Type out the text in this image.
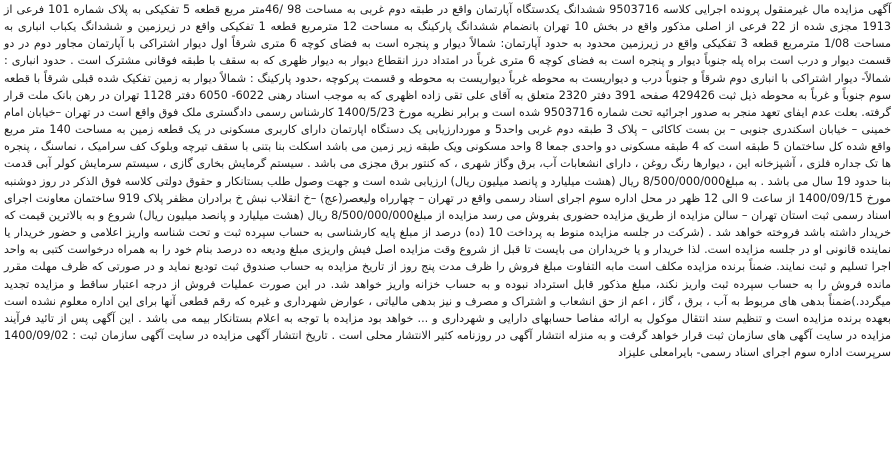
آگهی مزایده مال غیرمنقول پرونده اجرایی کلاسه 9503716 ششدانگ یکدستگاه آپارتمان واقع در طبقه دوم غربی به مساحت 98 /46متر مربع قطعه 5 تفکیکی به پلاک شماره 101 فرعی از 1913 مجزی شده از 22 فرعی از اصلی مذکور واقع در بخش 10 تهران بانضمام ششدانگ پارکینگ به مساحت 12 مترمربع قطعه 1 تفکیکی واقع در زیرزمین و ششدانگ یکباب انباری به مساحت 1/08 مترمربع قطعه 3 تفکیکی واقع در زیرزمین محدود به حدود آپارتمان: شمالاً دیوار و پنجره است به فضای کوچه 6 متری شرقاً اول دیوار اشتراکی با آپارتمان مجاور دوم در دو قسمت دیوار و درب است براه پله جنوباً دیوار و پنجره است به فضای کوچه 6 متری غرباً در امتداد درز انقطاع دیوار به دیوار ظهری که به سقف با طبقه فوقانی مشترک است . حدود انباری : شمالاً- دیوار اشتراکی با انباری دوم شرقاً و جنوباً درب و دیواریست به محوطه غرباً دیواریست به محوطه و قسمت پرکوچه ،حدود پارکینگ : شمالاً دیوار به زمین تفکیک شده قبلی شرقاً با قطعه سوم جنوباً و غرباً به محوطه ذیل ثبت 429426 صفحه 391 دفتر 2320 متعلق به آقای علی تقی زاده اظهری که به موجب اسناد رهنی 6022- 6050 دفتر 1128 تهران در رهن بانک ملت قرار گرفته. بعلت عدم ایفای تعهد منجر به صدور اجرائیه تحت شماره 9503716 شده است و برابر نظریه مورخ 1400/5/23 کارشناس رسمی دادگستری ملک فوق واقع است در تهران –خیابان امام خمینی – خیابان اسکندری جنوبی – بن بست کاکائی – پلاک 3 طبقه دوم غربی واحد5 و موردارزیابی یک دستگاه اپارتمان دارای کاربری مسکونی در یک قطعه زمین به مساحت 140 متر مربع واقع شده کل ساختمان 5 طبقه است که 4 طبقه مسکونی دو واحدی جمعا 8 واحد مسکونی ویک طبقه زیر زمین می باشد اسکلت بنا بتنی با سقف تیرچه وبلوک کف سرامیک ، نماسنگ ، پنجره ها تک جداره فلزی ، آشپزخانه این ، دیوارها رنگ روغن ، دارای انشعابات آب، برق وگاز شهری ، که کنتور برق مجزی می باشد . سیستم گرمایش بخاری گازی ، سیستم سرمایش کولر آبی قدمت بنا حدود 19 سال می باشد . به مبلغ8/500/000/000 ریال (هشت میلیارد و پانصد میلیون ریال) ارزیابی شده است و جهت وصول طلب بستانکار و حقوق دولتی کلاسه فوق الذکر در روز دوشنبه مورخ 1400/09/15 از ساعت 9 الی 12 ظهر در محل اداره سوم اجرای اسناد رسمی واقع در تهران – چهارراه ولیعصر(عج) –خ انقلاب نبش خ برادران مظفر پلاک 919 ساختمان معاونت اجرای اسناد رسمی ثبت استان تهران – سالن مزایده از طریق مزایده حضوری بفروش می رسد مزایده از مبلغ8/500/000/000 ریال (هشت میلیارد و پانصد میلیون ریال) شروع و به بالاترین قیمت که خریدار داشته باشد فروخته خواهد شد . (شرکت در جلسه مزایده منوط به پرداخت 10 (ده) درصد از مبلغ پایه کارشناسی به حساب سپرده ثبت و تحت شناسه واریز اعلامی و حضور خریدار یا نماینده قانونی او در جلسه مزایده است. لذا خریدار و یا خریداران می بایست تا قبل از شروع وقت مزایده اصل فیش واریزی مبلغ ودیعه ده درصد بنام خود را به همراه درخواست کتبی به واحد اجرا تسلیم و ثبت نمایند. ضمناً برنده مزایده مکلف است مابه التفاوت مبلغ فروش را ظرف مدت پنج روز از تاریخ مزایده به حساب صندوق ثبت تودیع نماید و در صورتی که ظرف مهلت مقرر مانده فروش را به حساب سپرده ثبت واریز نکند، مبلغ مذکور قابل استرداد نبوده و به حساب خزانه واریز خواهد شد. در این صورت عملیات فروش از درجه اعتبار ساقط و مزایده تجدید میگردد.)ضمناً بدهی های مربوط به آب ، برق ، گاز ، اعم از حق انشعاب و اشتراک و مصرف و نیز بدهی مالیاتی ، عوارض شهرداری و غیره که رقم قطعی آنها برای این اداره معلوم نشده است بعهده برنده مزایده است و تنظیم سند انتقال موکول به ارائه مفاصا حسابهای دارایی و شهرداری و ... خواهد بود مزایده با توجه به اعلام بستانکار بیمه می باشد . این آگهی پس از تائید فرآیند مزایده در سایت آگهی های سازمان ثبت قرار خواهد گرفت و به منزله انتشار آگهی در روزنامه کثیر الانتشار محلی است . تاریخ انتشار آگهی مزایده در سایت آگهی سازمان ثبت : 1400/09/02 سرپرست اداره سوم اجرای اسناد رسمی- بایرامعلی علیزاد
